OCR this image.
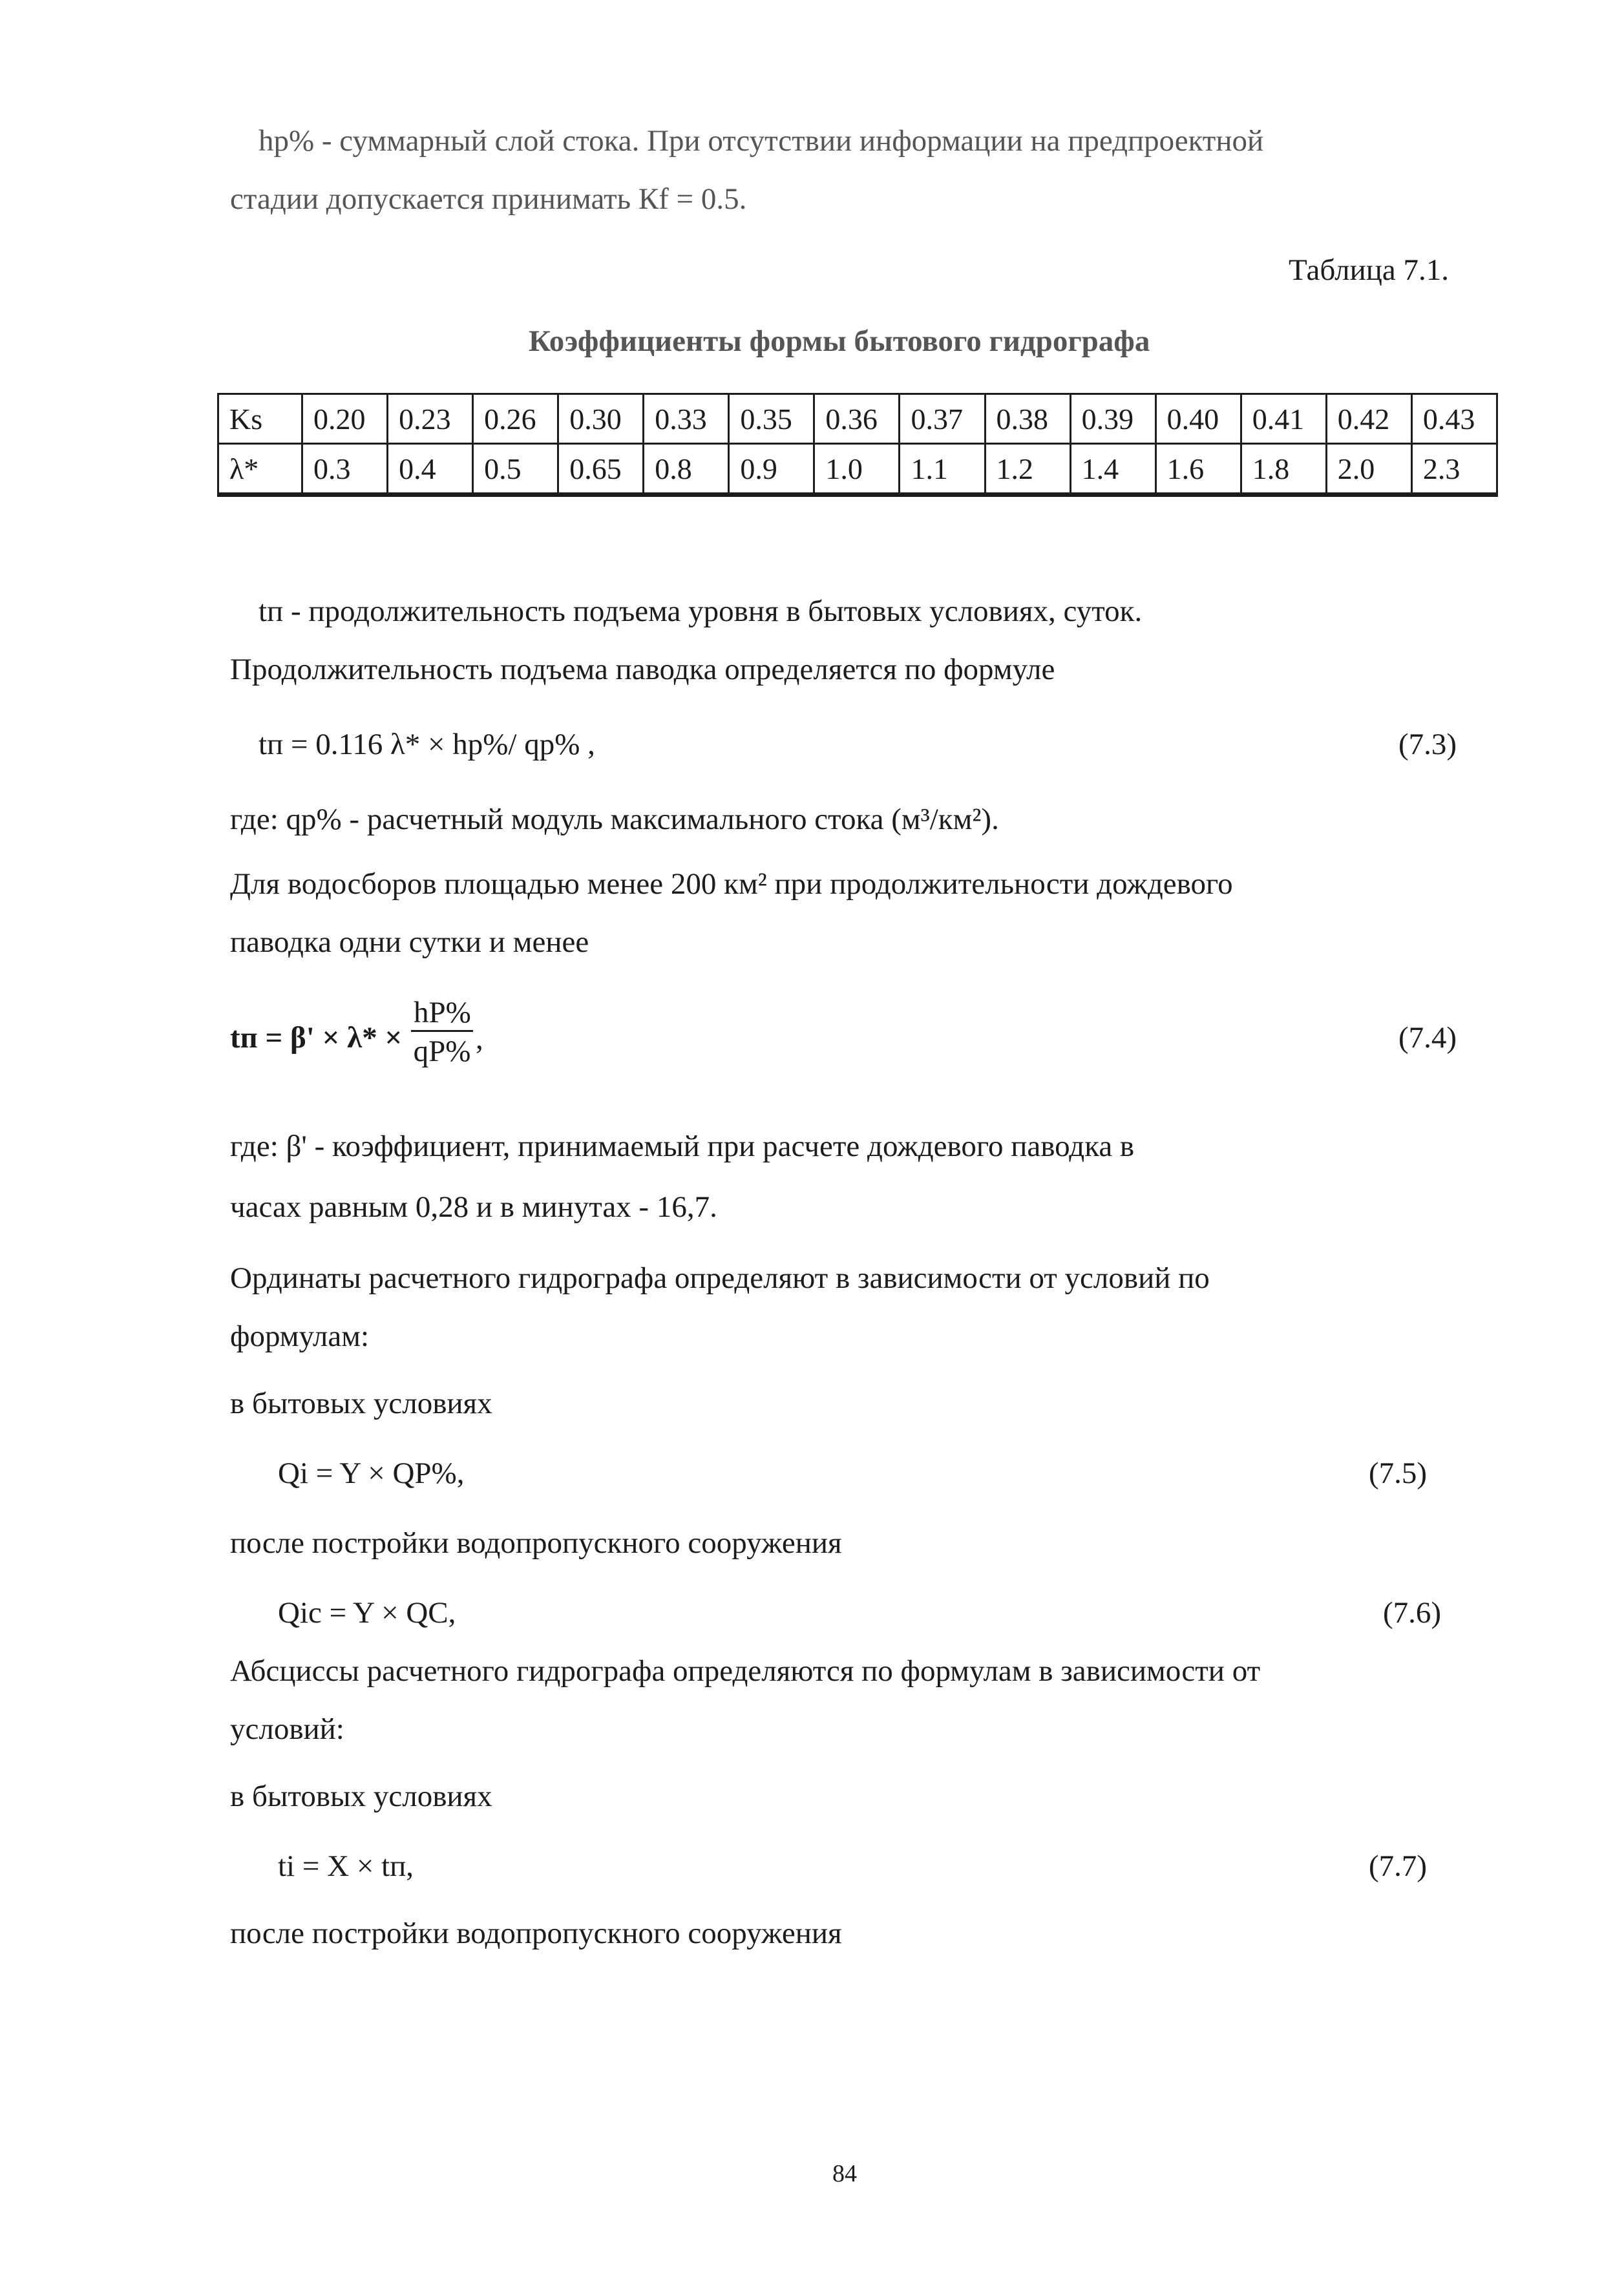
hр% - суммарный слой стока. При отсутствии информации на предпроектной
стадии допускается принимать Кf = 0.5.
Таблица 7.1.
Коэффициенты формы бытового гидрографа
Ks	0.20	0.23	0.26	0.30	0.33	0.35	0.36	0.37	0.38	0.39	0.40	0.41	0.42	0.43
λ*	0.3	0.4	0.5	0.65	0.8	0.9	1.0	1.1	1.2	1.4	1.6	1.8	2.0	2.3
tп - продолжительность подъема уровня в бытовых условиях, суток.
Продолжительность подъема паводка определяется по формуле
tп = 0.116 λ* × hр%/ qр% ,	(7.3)
где: qр% - расчетный модуль максимального стока (м³/км²).
Для водосборов площадью менее 200 км² при продолжительности дождевого
паводка одни сутки и менее
tп = β' × λ* ×
hР%
qР% ,	(7.4)
где: β' - коэффициент, принимаемый при расчете дождевого паводка в
часах равным 0,28 и в минутах - 16,7.
Ординаты расчетного гидрографа определяют в зависимости от условий по
формулам:
в бытовых условиях
Qi = Y × QР%,	(7.5)
после постройки водопропускного сооружения
Qic = Y × QC,	(7.6)
Абсциссы расчетного гидрографа определяются по формулам в зависимости от
условий:
в бытовых условиях
ti = X × tп,	(7.7)
после постройки водопропускного сооружения
84
